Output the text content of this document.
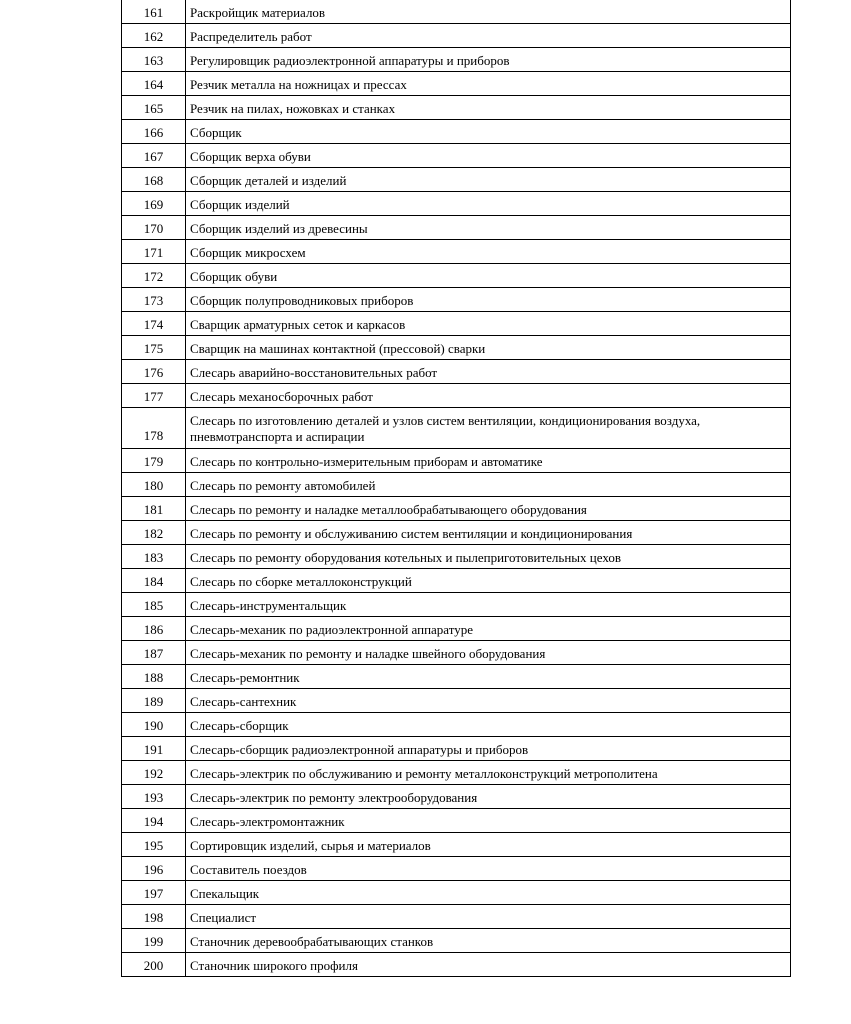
161	Раскройщик материалов
162	Распределитель работ
163	Регулировщик радиоэлектронной аппаратуры и приборов
164	Резчик металла на ножницах и прессах
165	Резчик на пилах, ножовках и станках
166	Сборщик
167	Сборщик верха обуви
168	Сборщик деталей и изделий
169	Сборщик изделий
170	Сборщик изделий из древесины
171	Сборщик микросхем
172	Сборщик обуви
173	Сборщик полупроводниковых приборов
174	Сварщик арматурных сеток и каркасов
175	Сварщик на машинах контактной (прессовой) сварки
176	Слесарь аварийно-восстановительных работ
177	Слесарь механосборочных работ
178	Слесарь по изготовлению деталей и узлов систем вентиляции, кондиционирования воздуха, пневмотранспорта и аспирации
179	Слесарь по контрольно-измерительным приборам и автоматике
180	Слесарь по ремонту автомобилей
181	Слесарь по ремонту и наладке металлообрабатывающего оборудования
182	Слесарь по ремонту и обслуживанию систем вентиляции и кондиционирования
183	Слесарь по ремонту оборудования котельных и пылеприготовительных цехов
184	Слесарь по сборке металлоконструкций
185	Слесарь-инструментальщик
186	Слесарь-механик по радиоэлектронной аппаратуре
187	Слесарь-механик по ремонту и наладке швейного оборудования
188	Слесарь-ремонтник
189	Слесарь-сантехник
190	Слесарь-сборщик
191	Слесарь-сборщик радиоэлектронной аппаратуры и приборов
192	Слесарь-электрик по обслуживанию и ремонту металлоконструкций метрополитена
193	Слесарь-электрик по ремонту электрооборудования
194	Слесарь-электромонтажник
195	Сортировщик изделий, сырья и материалов
196	Составитель поездов
197	Спекальщик
198	Специалист
199	Станочник деревообрабатывающих станков
200	Станочник широкого профиля
